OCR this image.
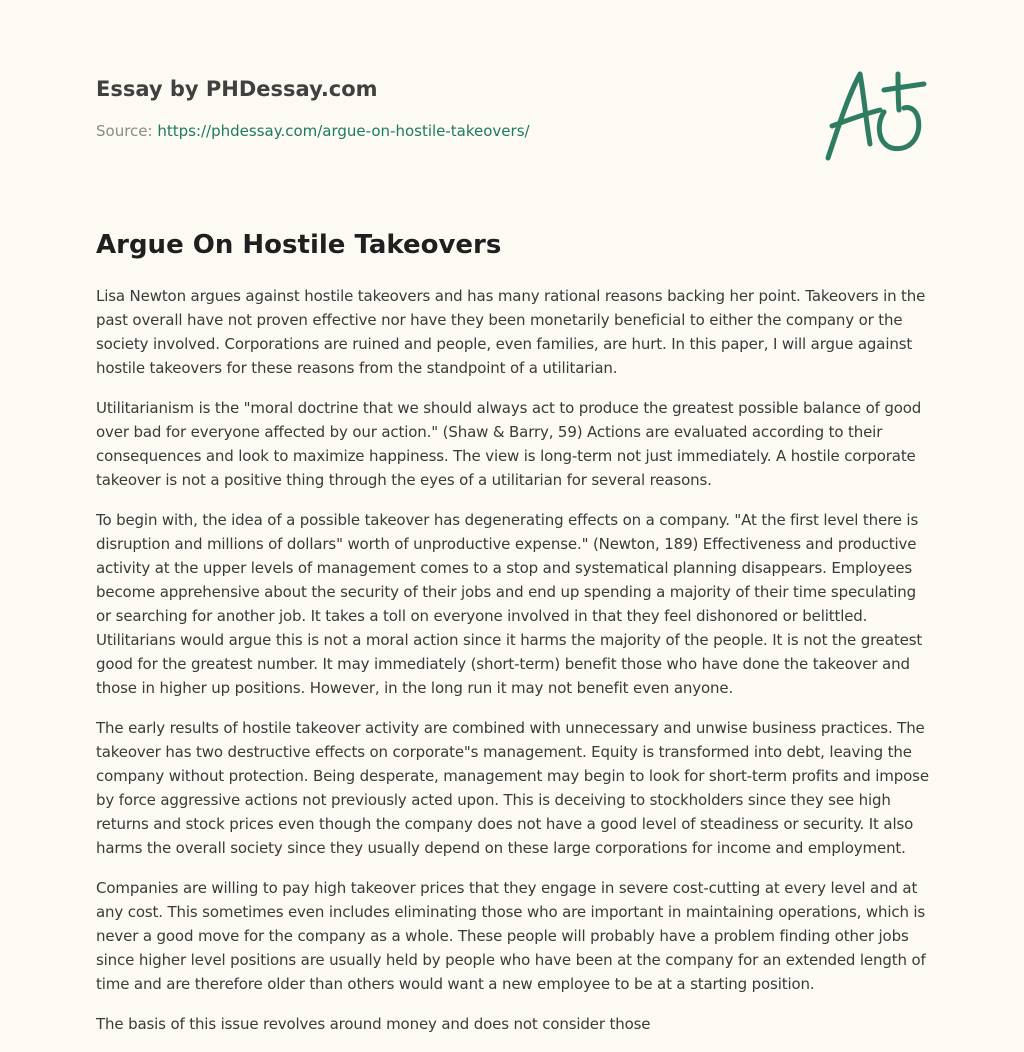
Essay by PHDessay.com
Source: https://phdessay.com/argue-on-hostile-takeovers/
Argue On Hostile Takeovers

Lisa Newton argues against hostile takeovers and has many rational reasons backing her point. Takeovers in the past overall have not proven effective nor have they been monetarily beneficial to either the company or the society involved. Corporations are ruined and people, even families, are hurt. In this paper, I will argue against hostile takeovers for these reasons from the standpoint of a utilitarian.

Utilitarianism is the "moral doctrine that we should always act to produce the greatest possible balance of good over bad for everyone affected by our action." (Shaw & Barry, 59) Actions are evaluated according to their consequences and look to maximize happiness. The view is long-term not just immediately. A hostile corporate takeover is not a positive thing through the eyes of a utilitarian for several reasons.

To begin with, the idea of a possible takeover has degenerating effects on a company. "At the first level there is disruption and millions of dollars" worth of unproductive expense." (Newton, 189) Effectiveness and productive activity at the upper levels of management comes to a stop and systematical planning disappears. Employees become apprehensive about the security of their jobs and end up spending a majority of their time speculating or searching for another job. It takes a toll on everyone involved in that they feel dishonored or belittled. Utilitarians would argue this is not a moral action since it harms the majority of the people. It is not the greatest good for the greatest number. It may immediately (short-term) benefit those who have done the takeover and those in higher up positions. However, in the long run it may not benefit even anyone.

The early results of hostile takeover activity are combined with unnecessary and unwise business practices. The takeover has two destructive effects on corporate"s management. Equity is transformed into debt, leaving the company without protection. Being desperate, management may begin to look for short-term profits and impose by force aggressive actions not previously acted upon. This is deceiving to stockholders since they see high returns and stock prices even though the company does not have a good level of steadiness or security. It also harms the overall society since they usually depend on these large corporations for income and employment.

Companies are willing to pay high takeover prices that they engage in severe cost-cutting at every level and at any cost. This sometimes even includes eliminating those who are important in maintaining operations, which is never a good move for the company as a whole. These people will probably have a problem finding other jobs since higher level positions are usually held by people who have been at the company for an extended length of time and are therefore older than others would want a new employee to be at a starting position.

The basis of this issue revolves around money and does not consider those
